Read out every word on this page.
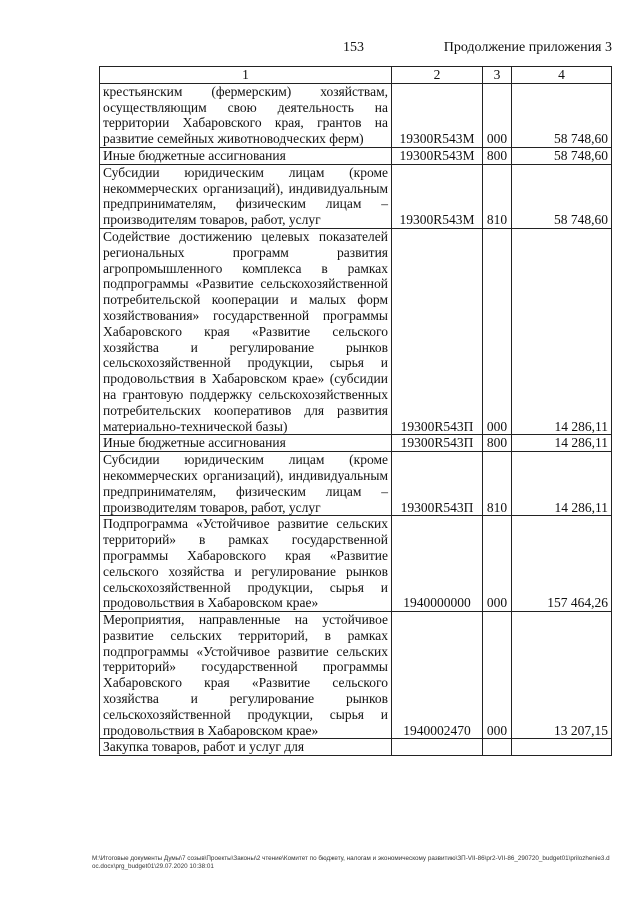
153	Продолжение приложения 3
1	2	3	4
крестьянским (фермерским) хозяйствам, осуществляющим свою деятельность на территории Хабаровского края, грантов на развитие семейных животноводческих ферм)	19300R543M	000	58 748,60
Иные бюджетные ассигнования	19300R543M	800	58 748,60
Субсидии юридическим лицам (кроме некоммерческих организаций), индивидуальным предпринимателям, физическим лицам – производителям товаров, работ, услуг	19300R543M	810	58 748,60
Содействие достижению целевых показателей региональных программ развития агропромышленного комплекса в рамках подпрограммы «Развитие сельскохозяйственной потребительской кооперации и малых форм хозяйствования» государственной программы Хабаровского края «Развитие сельского хозяйства и регулирование рынков сельскохозяйственной продукции, сырья и продовольствия в Хабаровском крае» (субсидии на грантовую поддержку сельскохозяйственных потребительских кооперативов для развития материально-технической базы)	19300R543П	000	14 286,11
Иные бюджетные ассигнования	19300R543П	800	14 286,11
Субсидии юридическим лицам (кроме некоммерческих организаций), индивидуальным предпринимателям, физическим лицам – производителям товаров, работ, услуг	19300R543П	810	14 286,11
Подпрограмма «Устойчивое развитие сельских территорий» в рамках государственной программы Хабаровского края «Развитие сельского хозяйства и регулирование рынков сельскохозяйственной продукции, сырья и продовольствия в Хабаровском крае»	1940000000	000	157 464,26
Мероприятия, направленные на устойчивое развитие сельских территорий, в рамках подпрограммы «Устойчивое развитие сельских территорий» государственной программы Хабаровского края «Развитие сельского хозяйства и регулирование рынков сельскохозяйственной продукции, сырья и продовольствия в Хабаровском крае»	1940002470	000	13 207,15
Закупка товаров, работ и услуг для			
M:\Итоговые документы Думы\7 созыв\Проекты\Законы\2 чтение\Комитет по бюджету, налогам и экономическому развитию\ЗП-VII-86\pr2-VII-86_290720_budget01\prilozhenie3.doc.docx\prg_budget01\29.07.2020 10:38:01
